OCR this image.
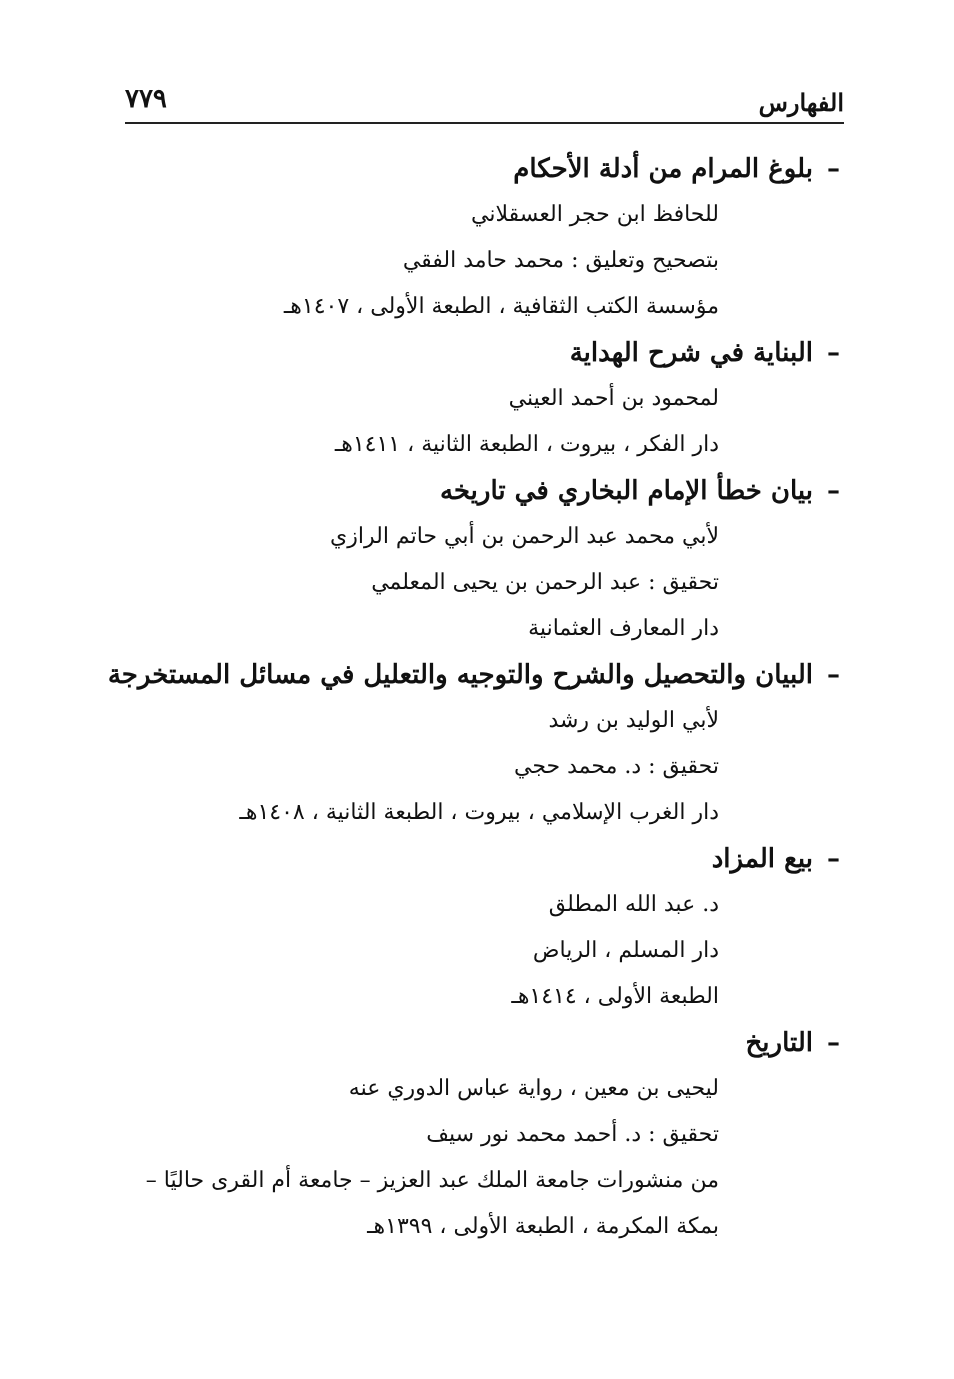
الفهارس
٧٧٩
–بلوغ المرام من أدلة الأحكام
للحافظ ابن حجر العسقلاني
بتصحيح وتعليق : محمد حامد الفقي
مؤسسة الكتب الثقافية ، الطبعة الأولى ، ١٤٠٧هـ
–البناية في شرح الهداية
لمحمود بن أحمد العيني
دار الفكر ، بيروت ، الطبعة الثانية ، ١٤١١هـ
–بيان خطأ الإمام البخاري في تاريخه
لأبي محمد عبد الرحمن بن أبي حاتم الرازي
تحقيق : عبد الرحمن بن يحيى المعلمي
دار المعارف العثمانية
–البيان والتحصيل والشرح والتوجيه والتعليل في مسائل المستخرجة
لأبي الوليد بن رشد
تحقيق : د. محمد حجي
دار الغرب الإسلامي ، بيروت ، الطبعة الثانية ، ١٤٠٨هـ
–بيع المزاد
د. عبد الله المطلق
دار المسلم ، الرياض
الطبعة الأولى ، ١٤١٤هـ
–التاريخ
ليحيى بن معين ، رواية عباس الدوري عنه
تحقيق : د. أحمد محمد نور سيف
من منشورات جامعة الملك عبد العزيز – جامعة أم القرى حاليًا –
بمكة المكرمة ، الطبعة الأولى ، ١٣٩٩هـ
